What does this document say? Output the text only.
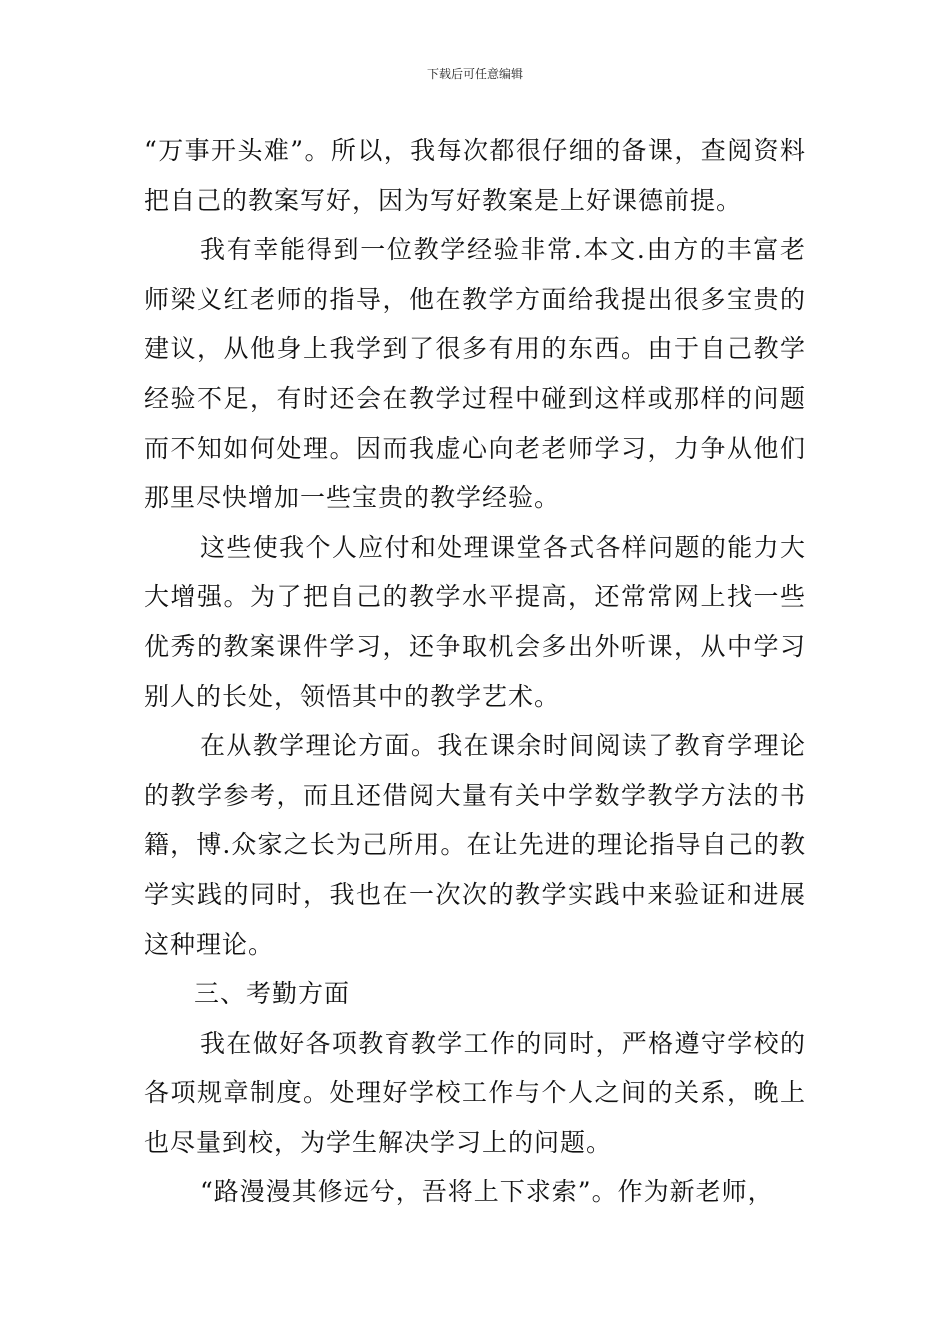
下载后可任意编辑

“万事开头难”。所以，我每次都很仔细的备课，查阅资料把自己的教案写好，因为写好教案是上好课德前提。

我有幸能得到一位教学经验非常.本文.由方的丰富老师梁义红老师的指导，他在教学方面给我提出很多宝贵的建议，从他身上我学到了很多有用的东西。由于自己教学经验不足，有时还会在教学过程中碰到这样或那样的问题而不知如何处理。因而我虚心向老老师学习，力争从他们那里尽快增加一些宝贵的教学经验。

这些使我个人应付和处理课堂各式各样问题的能力大大增强。为了把自己的教学水平提高，还常常网上找一些优秀的教案课件学习，还争取机会多出外听课，从中学习别人的长处，领悟其中的教学艺术。

在从教学理论方面。我在课余时间阅读了教育学理论的教学参考，而且还借阅大量有关中学数学教学方法的书籍，博.众家之长为己所用。在让先进的理论指导自己的教学实践的同时，我也在一次次的教学实践中来验证和进展这种理论。

三、考勤方面

我在做好各项教育教学工作的同时，严格遵守学校的各项规章制度。处理好学校工作与个人之间的关系，晚上也尽量到校，为学生解决学习上的问题。

“路漫漫其修远兮，吾将上下求索”。作为新老师，
